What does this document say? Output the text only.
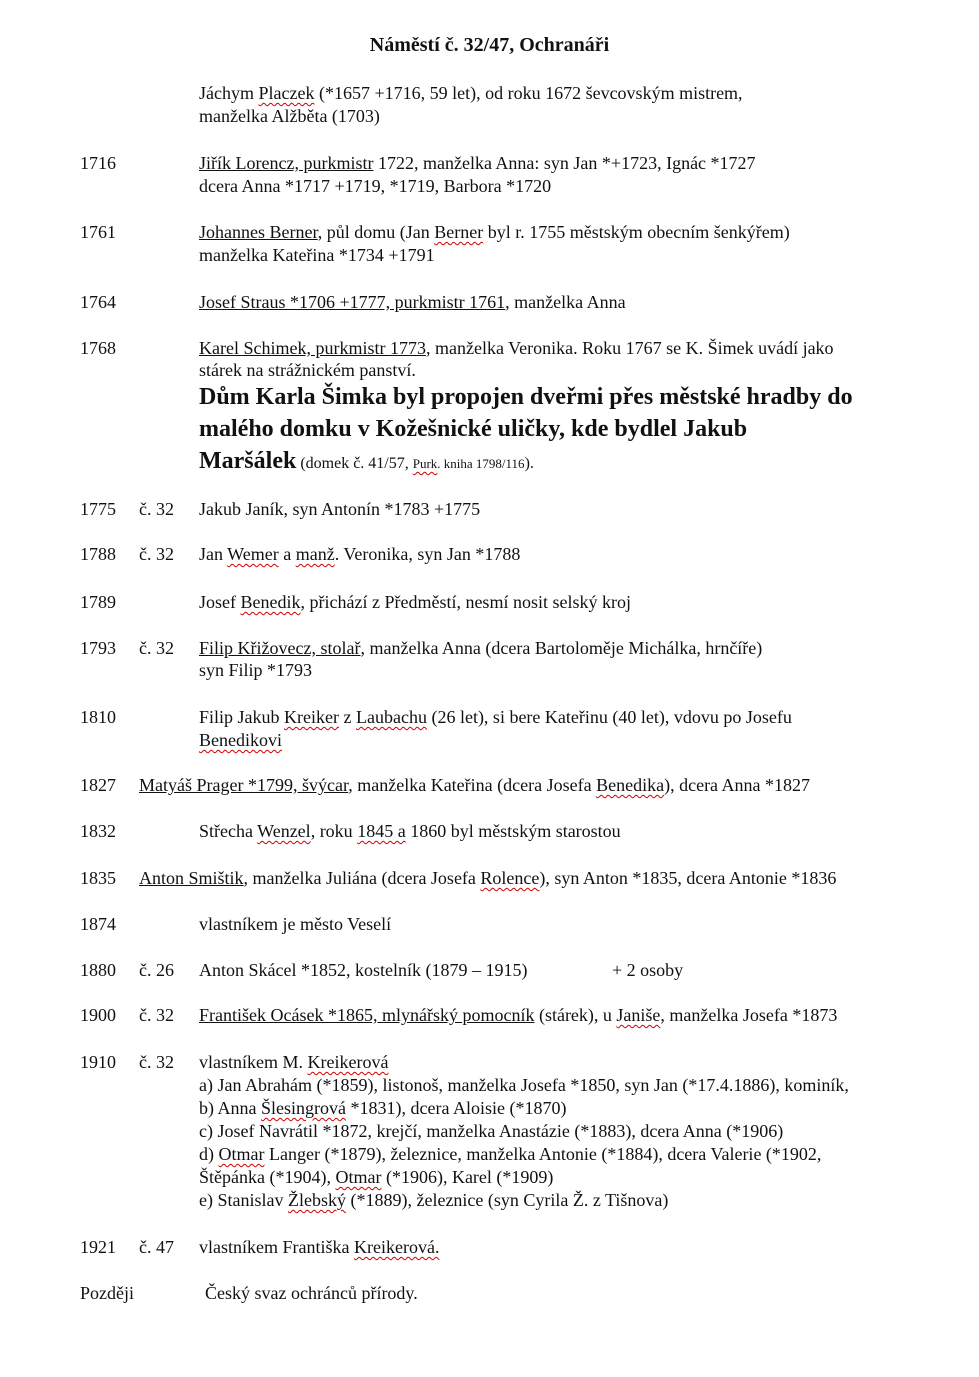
Náměstí č. 32/47, Ochranáři
Jáchym Placzek (*1657 +1716, 59 let), od roku 1672 ševcovským mistrem,
manželka Alžběta (1703)
1716	Jiřík Lorencz, purkmistr 1722, manželka Anna: syn Jan *+1723, Ignác *1727
dcera Anna *1717 +1719, *1719, Barbora *1720
1761	Johannes Berner, půl domu (Jan Berner byl r. 1755 městským obecním šenkýřem)
manželka Kateřina *1734 +1791
1764	Josef Straus *1706 +1777, purkmistr 1761, manželka Anna
1768	Karel Schimek, purkmistr 1773, manželka Veronika. Roku 1767 se K. Šimek uvádí jako
stárek na strážnickém panství.
Dům Karla Šimka byl propojen dveřmi přes městské hradby do
malého domku v Kožešnické uličky, kde bydlel Jakub
Maršálek (domek č. 41/57, Purk. kniha 1798/116).
1775 č. 32 Jakub Janík, syn Antonín *1783 +1775
1788 č. 32 Jan Wemer a manž. Veronika, syn Jan *1788
1789	Josef Benedik, přichází z Předměstí, nesmí nosit selský kroj
1793 č. 32 Filip Křižovecz, stolař, manželka Anna (dcera Bartoloměje Michálka, hrnčíře)
syn Filip *1793
1810	Filip Jakub Kreiker z Laubachu (26 let), si bere Kateřinu (40 let), vdovu po Josefu
Benedikovi
1827 Matyáš Prager *1799, švýcar, manželka Kateřina (dcera Josefa Benedika), dcera Anna *1827
1832	Střecha Wenzel, roku 1845 a 1860 byl městským starostou
1835 Anton Smištik, manželka Juliána (dcera Josefa Rolence), syn Anton *1835, dcera Antonie *1836
1874	vlastníkem je město Veselí
1880 č. 26 Anton Skácel *1852, kostelník (1879 – 1915)	+ 2 osoby
1900 č. 32 František Ocásek *1865, mlynářský pomocník (stárek), u Janiše, manželka Josefa *1873
1910 č. 32 vlastníkem M. Kreikerová
a) Jan Abrahám (*1859), listonoš, manželka Josefa *1850, syn Jan (*17.4.1886), kominík,
b) Anna Šlesingrová *1831), dcera Aloisie (*1870)
c) Josef Navrátil *1872, krejčí, manželka Anastázie (*1883), dcera Anna (*1906)
d) Otmar Langer (*1879), železnice, manželka Antonie (*1884), dcera Valerie (*1902,
Štěpánka (*1904), Otmar (*1906), Karel (*1909)
e) Stanislav Žlebský (*1889), železnice (syn Cyrila Ž. z Tišnova)
1921 č. 47 vlastníkem Františka Kreikerová.
Později	Český svaz ochránců přírody.
